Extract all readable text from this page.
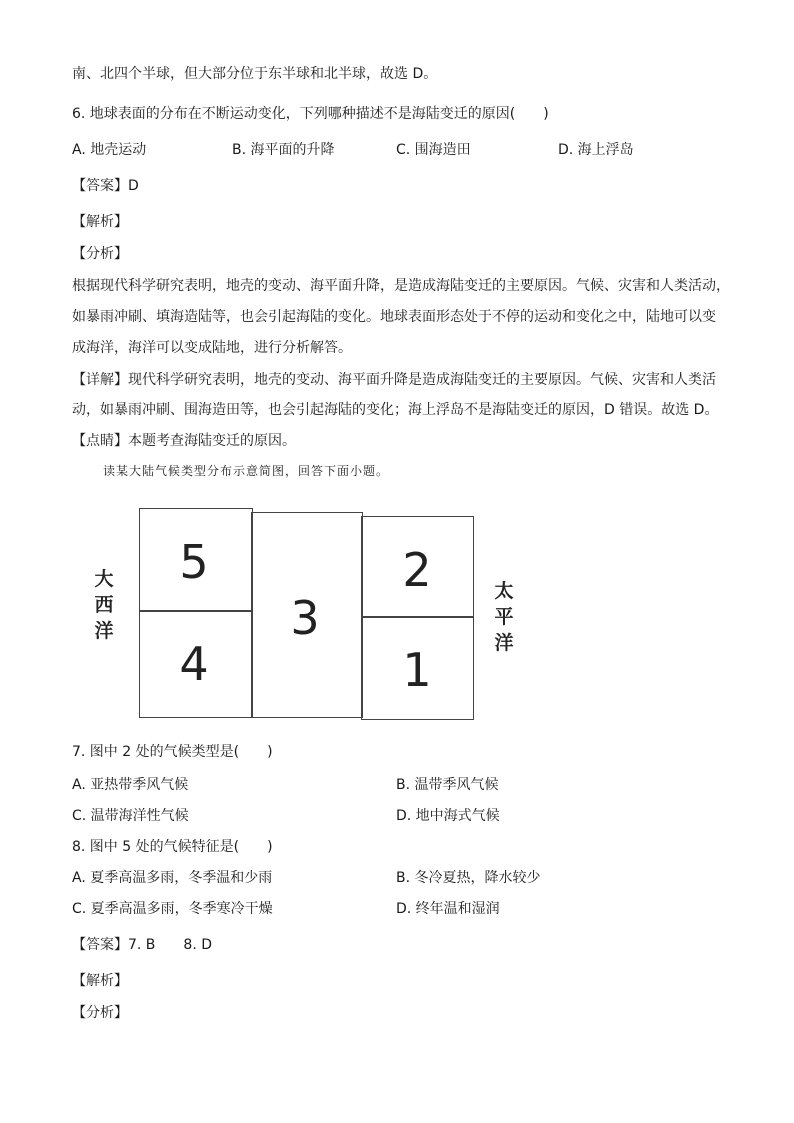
南、北四个半球，但大部分位于东半球和北半球，故选 D。
6. 地球表面的分布在不断运动变化，下列哪种描述不是海陆变迁的原因(　　)
A. 地壳运动	B. 海平面的升降	C. 围海造田	D. 海上浮岛
【答案】D
【解析】
【分析】
根据现代科学研究表明，地壳的变动、海平面升降，是造成海陆变迁的主要原因。气候、灾害和人类活动，
如暴雨冲刷、填海造陆等，也会引起海陆的变化。地球表面形态处于不停的运动和变化之中，陆地可以变
成海洋，海洋可以变成陆地，进行分析解答。
【详解】现代科学研究表明，地壳的变动、海平面升降是造成海陆变迁的主要原因。气候、灾害和人类活
动，如暴雨冲刷、围海造田等，也会引起海陆的变化；海上浮岛不是海陆变迁的原因，D 错误。故选 D。
【点睛】本题考查海陆变迁的原因。
读某大陆气候类型分布示意简图，回答下面小题。
大
西
洋
5
4
3
2
1
太
平
洋
7. 图中 2 处的气候类型是(　　)
A. 亚热带季风气候	B. 温带季风气候
C. 温带海洋性气候	D. 地中海式气候
8. 图中 5 处的气候特征是(　　)
A. 夏季高温多雨，冬季温和少雨	B. 冬冷夏热，降水较少
C. 夏季高温多雨，冬季寒冷干燥	D. 终年温和湿润
【答案】7. B　　8. D
【解析】
【分析】
